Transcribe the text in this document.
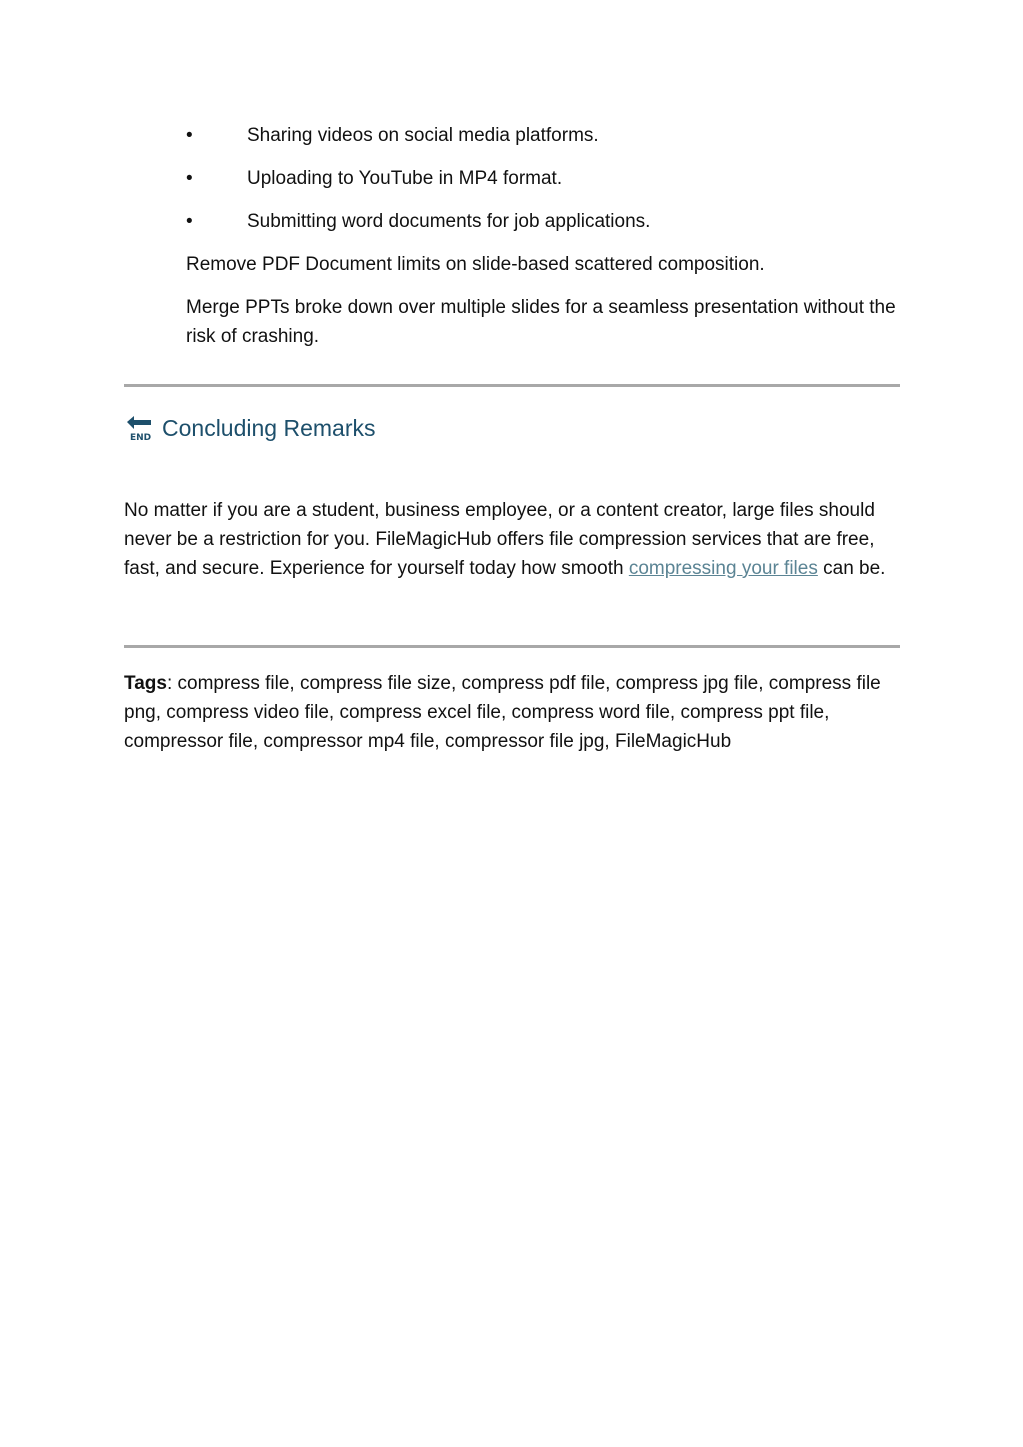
•	Sharing videos on social media platforms.
•	Uploading to YouTube in MP4 format.
•	Submitting word documents for job applications.

Remove PDF Document limits on slide-based scattered composition.

Merge PPTs broke down over multiple slides for a seamless presentation without the risk of crashing.

END Concluding Remarks

No matter if you are a student, business employee, or a content creator, large files should never be a restriction for you. FileMagicHub offers file compression services that are free, fast, and secure. Experience for yourself today how smooth compressing your files can be.

Tags: compress file, compress file size, compress pdf file, compress jpg file, compress file png, compress video file, compress excel file, compress word file, compress ppt file, compressor file, compressor mp4 file, compressor file jpg, FileMagicHub
